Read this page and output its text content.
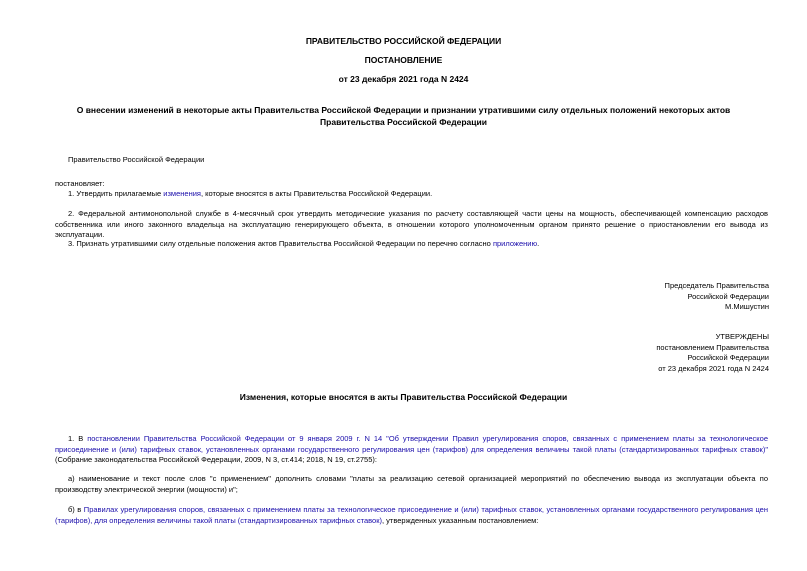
ПРАВИТЕЛЬСТВО РОССИЙСКОЙ ФЕДЕРАЦИИ
ПОСТАНОВЛЕНИЕ
от 23 декабря 2021 года N 2424
О внесении изменений в некоторые акты Правительства Российской Федерации и признании утратившими силу отдельных положений некоторых актов Правительства Российской Федерации
Правительство Российской Федерации
постановляет:
1. Утвердить прилагаемые изменения, которые вносятся в акты Правительства Российской Федерации.
2. Федеральной антимонопольной службе в 4-месячный срок утвердить методические указания по расчету составляющей части цены на мощность, обеспечивающей компенсацию расходов собственника или иного законного владельца на эксплуатацию генерирующего объекта, в отношении которого уполномоченным органом принято решение о приостановлении его вывода из эксплуатации.
3. Признать утратившими силу отдельные положения актов Правительства Российской Федерации по перечню согласно приложению.
Председатель Правительства
Российской Федерации
М.Мишустин
УТВЕРЖДЕНЫ
постановлением Правительства
Российской Федерации
от 23 декабря 2021 года N 2424
Изменения, которые вносятся в акты Правительства Российской Федерации
1. В постановлении Правительства Российской Федерации от 9 января 2009 г. N 14 "Об утверждении Правил урегулирования споров, связанных с применением платы за технологическое присоединение и (или) тарифных ставок, установленных органами государственного регулирования цен (тарифов) для определения величины такой платы (стандартизированных тарифных ставок)" (Собрание законодательства Российской Федерации, 2009, N 3, ст.414; 2018, N 19, ст.2755):
а) наименование и текст после слов "с применением" дополнить словами "платы за реализацию сетевой организацией мероприятий по обеспечению вывода из эксплуатации объекта по производству электрической энергии (мощности) и";
б) в Правилах урегулирования споров, связанных с применением платы за технологическое присоединение и (или) тарифных ставок, установленных органами государственного регулирования цен (тарифов), для определения величины такой платы (стандартизированных тарифных ставок), утвержденных указанным постановлением:
